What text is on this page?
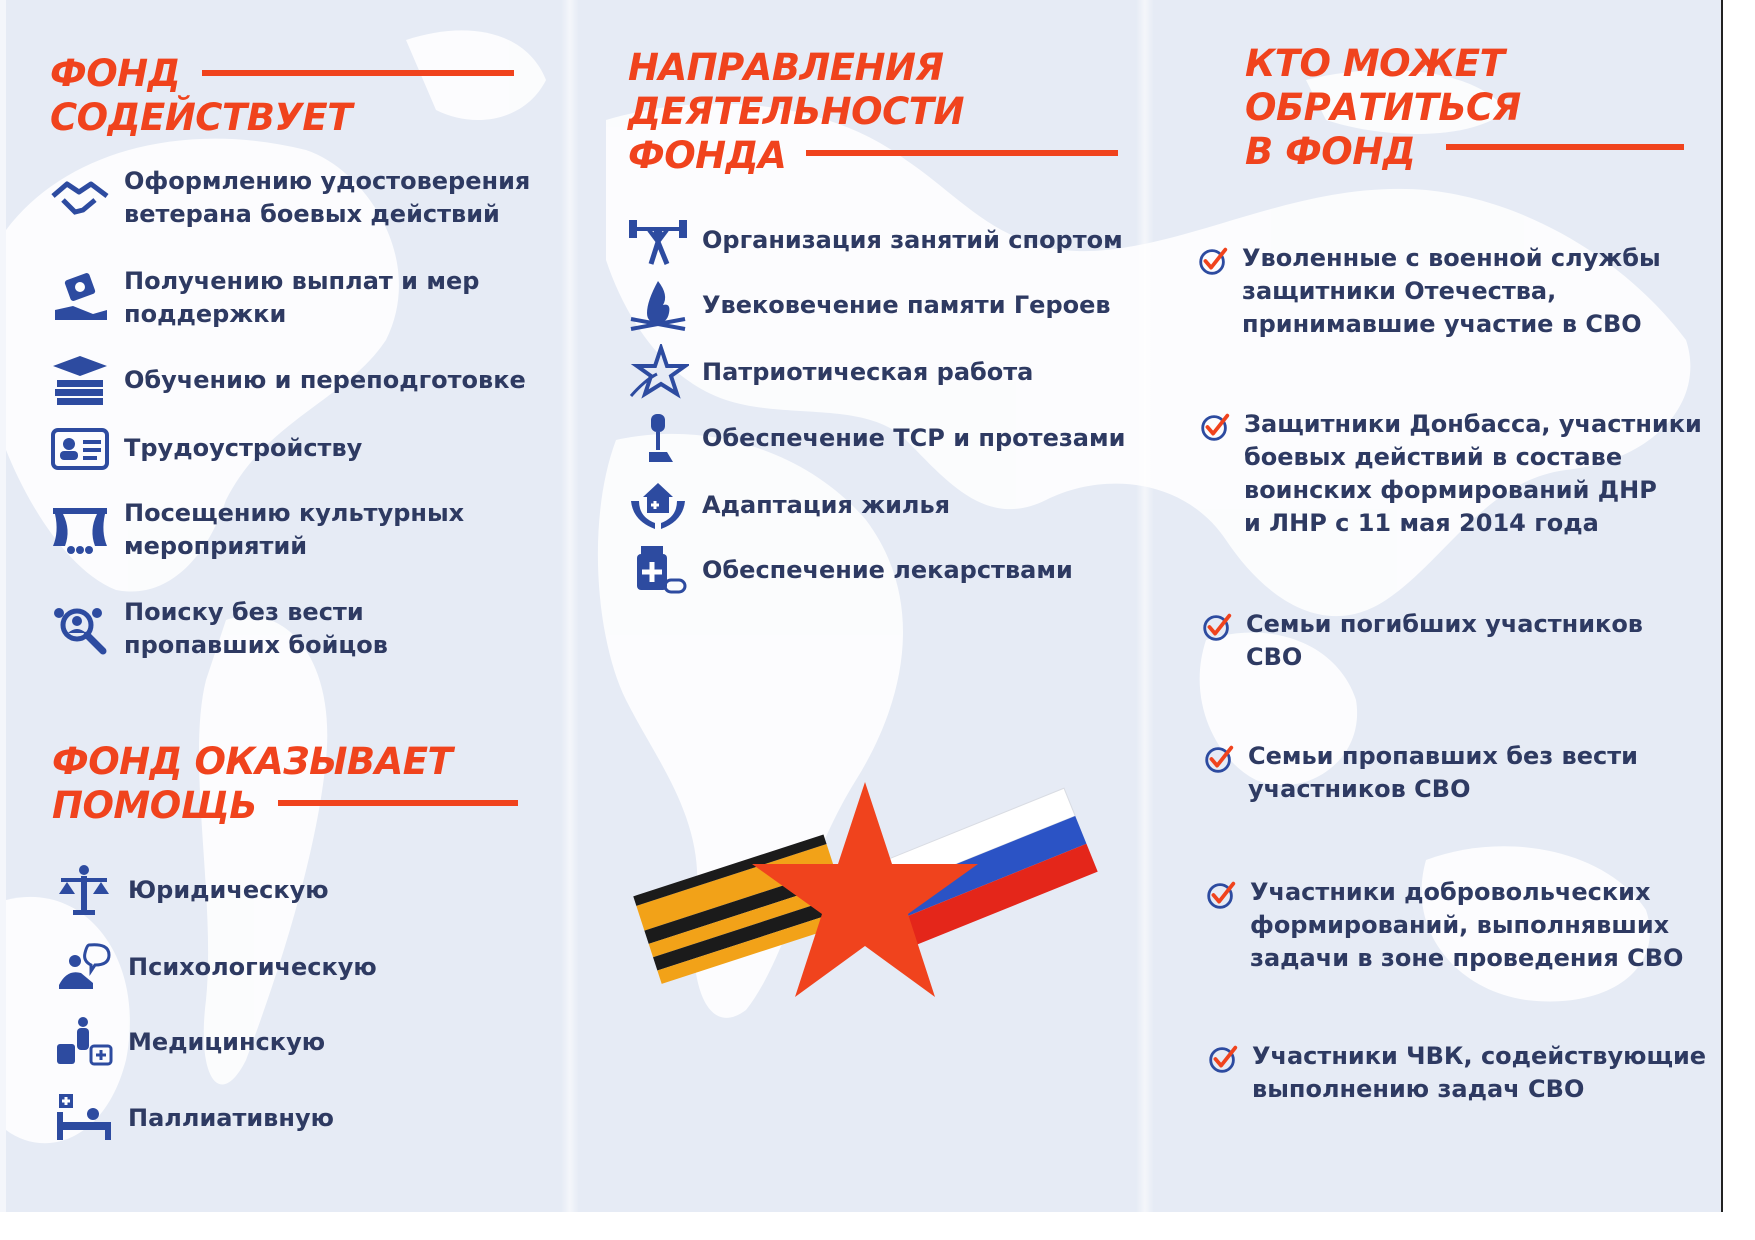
ФОНД
СОДЕЙСТВУЕТ
Оформлению удостоверения
ветерана боевых действий
Получению выплат и мер
поддержки
Обучению и переподготовке
Трудоустройству
Посещению культурных
мероприятий
Поиску без вести
пропавших бойцов
ФОНД ОКАЗЫВАЕТ
ПОМОЩЬ
Юридическую
Психологическую
Медицинскую
Паллиативную
НАПРАВЛЕНИЯ
ДЕЯТЕЛЬНОСТИ
ФОНДА
Организация занятий спортом
Увековечение памяти Героев
Патриотическая работа
Обеспечение ТСР и протезами
Адаптация жилья
Обеспечение лекарствами
КТО МОЖЕТ
ОБРАТИТЬСЯ
В ФОНД
Уволенные с военной службы
защитники Отечества,
принимавшие участие в СВО
Защитники Донбасса, участники
боевых действий в составе
воинских формирований ДНР
и ЛНР с 11 мая 2014 года
Семьи погибших участников
СВО
Семьи пропавших без вести
участников СВО
Участники добровольческих
формирований, выполнявших
задачи в зоне проведения СВО
Участники ЧВК, содействующие
выполнению задач СВО
